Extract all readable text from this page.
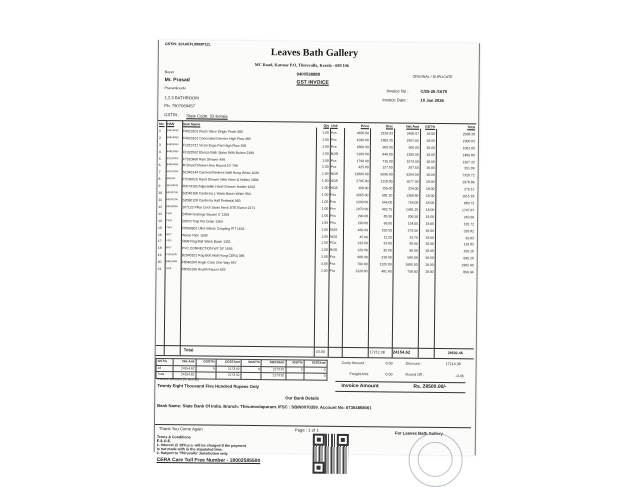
GSTIN: 32AAEFL8889P1ZL
Leaves Bath Gallery
MC Road, Kuttoor P.O, Thiruvalla, Kerala - 689 106
9400538888
GST INVOICE
ORIGINAL / DUPLICATE
Buyer
Mr. Prasad
Pravankoodu
1,2,3 BATHROOM
Ph: 7907069457
GSTIN : State Code: 32-Kerala
Invoice No :	C/25-26 /1679
Invoice Date :	10 Jan 2026
No.	HSN	Item Name	Qty	Unit	Price	Disc	Net Amt	GST%	Total
1	84818090	F8010101 Flush Valve Single Flush 080	1.00	Pcs	4650.00	2159.93	2490.07	18.00	2938.28
2	84818090	F4020101 Concealed Diverter High Flow 482	1.00	Pcs	4320.00	1862.35	2457.65	18.00	2900.03
3	84818090	F1015721 Victor Expo Part High Flow 358	1.00	Pcs	1800.00	900.00	900.00	18.00	1062.00
4	84818090	F1022062 Elanza Bath Spout With Button 2199	1.00	NOS	2100.00	840.00	1260.00	18.00	1486.80
5	39229000	F7010868 Rain Shower 499	1.00	Pcs	1790.00	716.00	1074.00	18.00	1267.32
6	84818090	M Brand Shower Arm Round 10' 799	1.00	Pcs	425.00	127.50	297.50	18.00	351.06
7	69101000	S1043144 Carnival Rimless Wall Hung White 1026	1.00	NOS	11800.00	5596.00	6204.00	18.00	7320.72
8	848180	F7030010 Hand Shower With Hose & Holder 1806	1.00	NOS	2795.00	1118.00	1677.00	18.00	1978.86
9	39229000	F0079165 Adjustable Hand Shower Holder 1652	1.00	NOS	390.00	156.00	234.00	18.00	276.12
10	69101000	S2040168 Canberra L Wash Basin White 954	1.00	Pcs	2065.00	681.20	1368.80	18.00	1615.18
11	69101000	S2090128 Canberra Half Pedestal 083	1.00	Pcs	1300.00	546.00	754.00	18.00	889.72
12	84818090	107123 Pillar Cock Swan Neck STE Esoco 2171	1.00	Pro	1970.00	493.75	1481.25	18.00	1747.87
13	7326	24094 Gratings Square 5' 1359	1.00	Pcs	290.00	85.50	206.50	18.00	243.66
14	7326	29070 Trap For Drain 1364	1.00	Pcs	220.00	66.00	154.00	18.00	181.72
15	7324	F8060601 Ultra Waste Coupling FIT 1601	1.00	NOS	430.00	150.50	279.50	18.00	329.82
16	3917	Waste Pipe 1690	1.00	NOS	45.00	11.25	33.75	18.00	39.83
17	7415	5608 Rag Bolt Wash Basin 1301	1.00	PCs	132.00	33.00	99.00	18.00	116.82
18	3917	PVC CONNECTION WT 18' 1656	1.00	NOS	120.00	30.00	90.00	18.00	106.20
19	73181190	B2040101 Rag Bolt Wall Hung CERA 386	1.00	Pcs	908.00	318.00	590.00	18.00	696.20
20	84818090	F8040204 Angle Cock One Way 857	4.00	Pcs	700.00	1120.00	1680.00	18.00	1982.40
21	7324	F8030106 Health Faucet 603	1.00	Pcs	1220.00	481.40	758.60	18.00	896.94
Total	24.00	17212.38 24154.62	28502.46
GST%	Net Amt	CGST%	CGSTAmt	SGST%	SGSTAmt	IGST%	IGSTAmt
18	24154.62	9	2173.92	9	2173.92	0	0
Total	24154.62		2173.92		2173.92		0
Cooly Amount :	0.00	Discount :	17214.38
Freight Amt:	0.00	Round Off :	-0.46
Invoice Amount	Rs. 28500.00/-
Invoice amount (in words)
Twenty Eight Thousand Five Hundred Rupees Only
Our Bank Details
Bank Name: State Bank Of India. Branch: Thirumoolapuram. IFSC : SBIN0070359. Account No: 67354858061
Thank You Come Again	Page : 1 of 1
For Leaves Bath Gallery
Terms & Conditions
E.& O.E.
1. Interest @ 18% p.a. will be charged if the payment
is not made with in the stipulated time.
2. Subject to 'Thiruvalla' Jurisdiction only.
CERA Care Toll Free Number - 18002585500
